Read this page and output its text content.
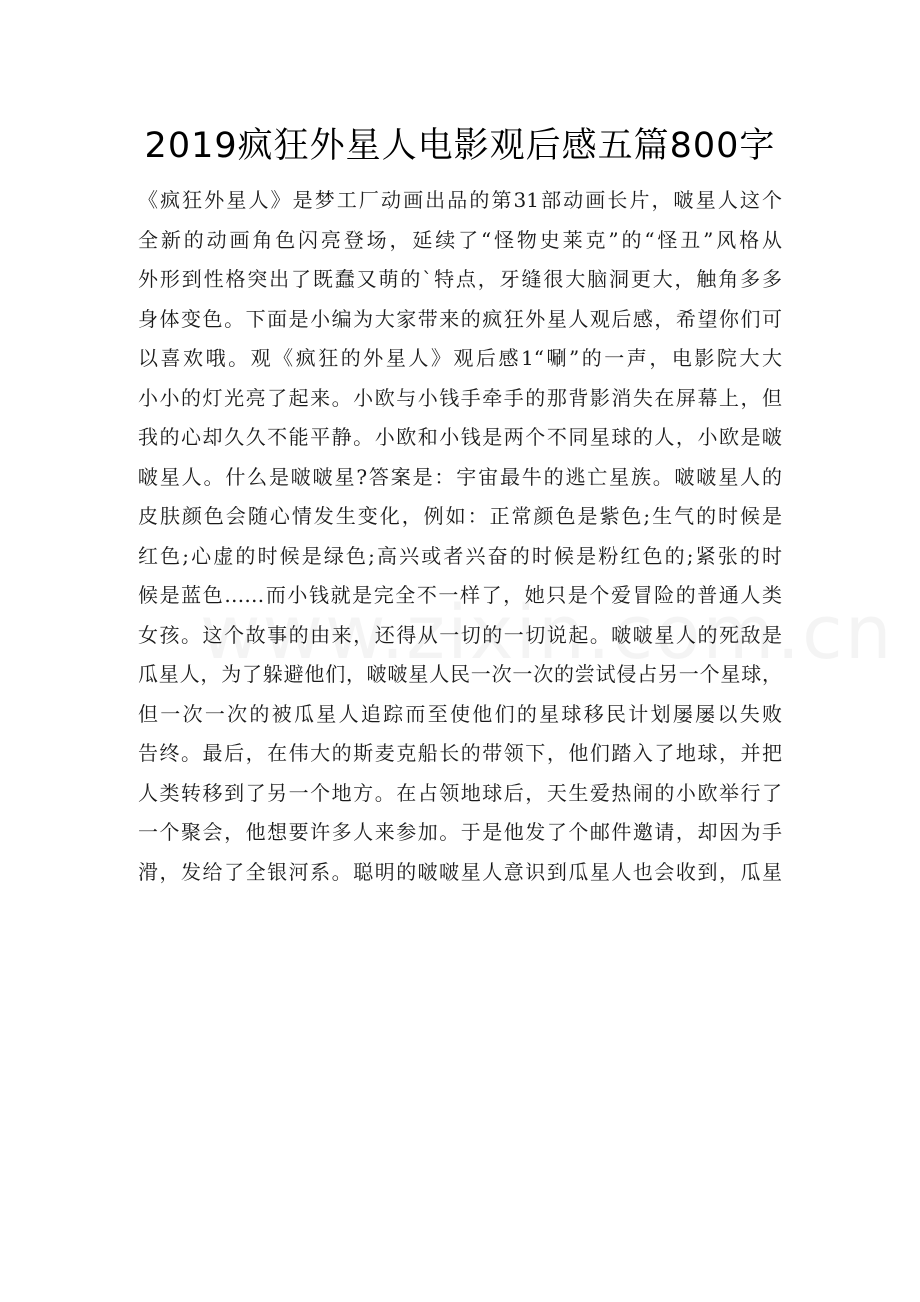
2019疯狂外星人电影观后感五篇800字
《疯狂外星人》是梦工厂动画出品的第31部动画长片，啵星人这个
全新的动画角色闪亮登场，延续了“怪物史莱克”的“怪丑”风格从
外形到性格突出了既蠢又萌的`特点，牙缝很大脑洞更大，触角多多
身体变色。下面是小编为大家带来的疯狂外星人观后感，希望你们可
以喜欢哦。观《疯狂的外星人》观后感1“唰”的一声，电影院大大
小小的灯光亮了起来。小欧与小钱手牵手的那背影消失在屏幕上，但
我的心却久久不能平静。小欧和小钱是两个不同星球的人，小欧是啵
啵星人。什么是啵啵星?答案是：宇宙最牛的逃亡星族。啵啵星人的
皮肤颜色会随心情发生变化，例如：正常颜色是紫色;生气的时候是
红色;心虚的时候是绿色;高兴或者兴奋的时候是粉红色的;紧张的时
候是蓝色……而小钱就是完全不一样了，她只是个爱冒险的普通人类
女孩。这个故事的由来，还得从一切的一切说起。啵啵星人的死敌是
瓜星人，为了躲避他们，啵啵星人民一次一次的尝试侵占另一个星球，
但一次一次的被瓜星人追踪而至使他们的星球移民计划屡屡以失败
告终。最后，在伟大的斯麦克船长的带领下，他们踏入了地球，并把
人类转移到了另一个地方。在占领地球后，天生爱热闹的小欧举行了
一个聚会，他想要许多人来参加。于是他发了个邮件邀请，却因为手
滑，发给了全银河系。聪明的啵啵星人意识到瓜星人也会收到，瓜星
